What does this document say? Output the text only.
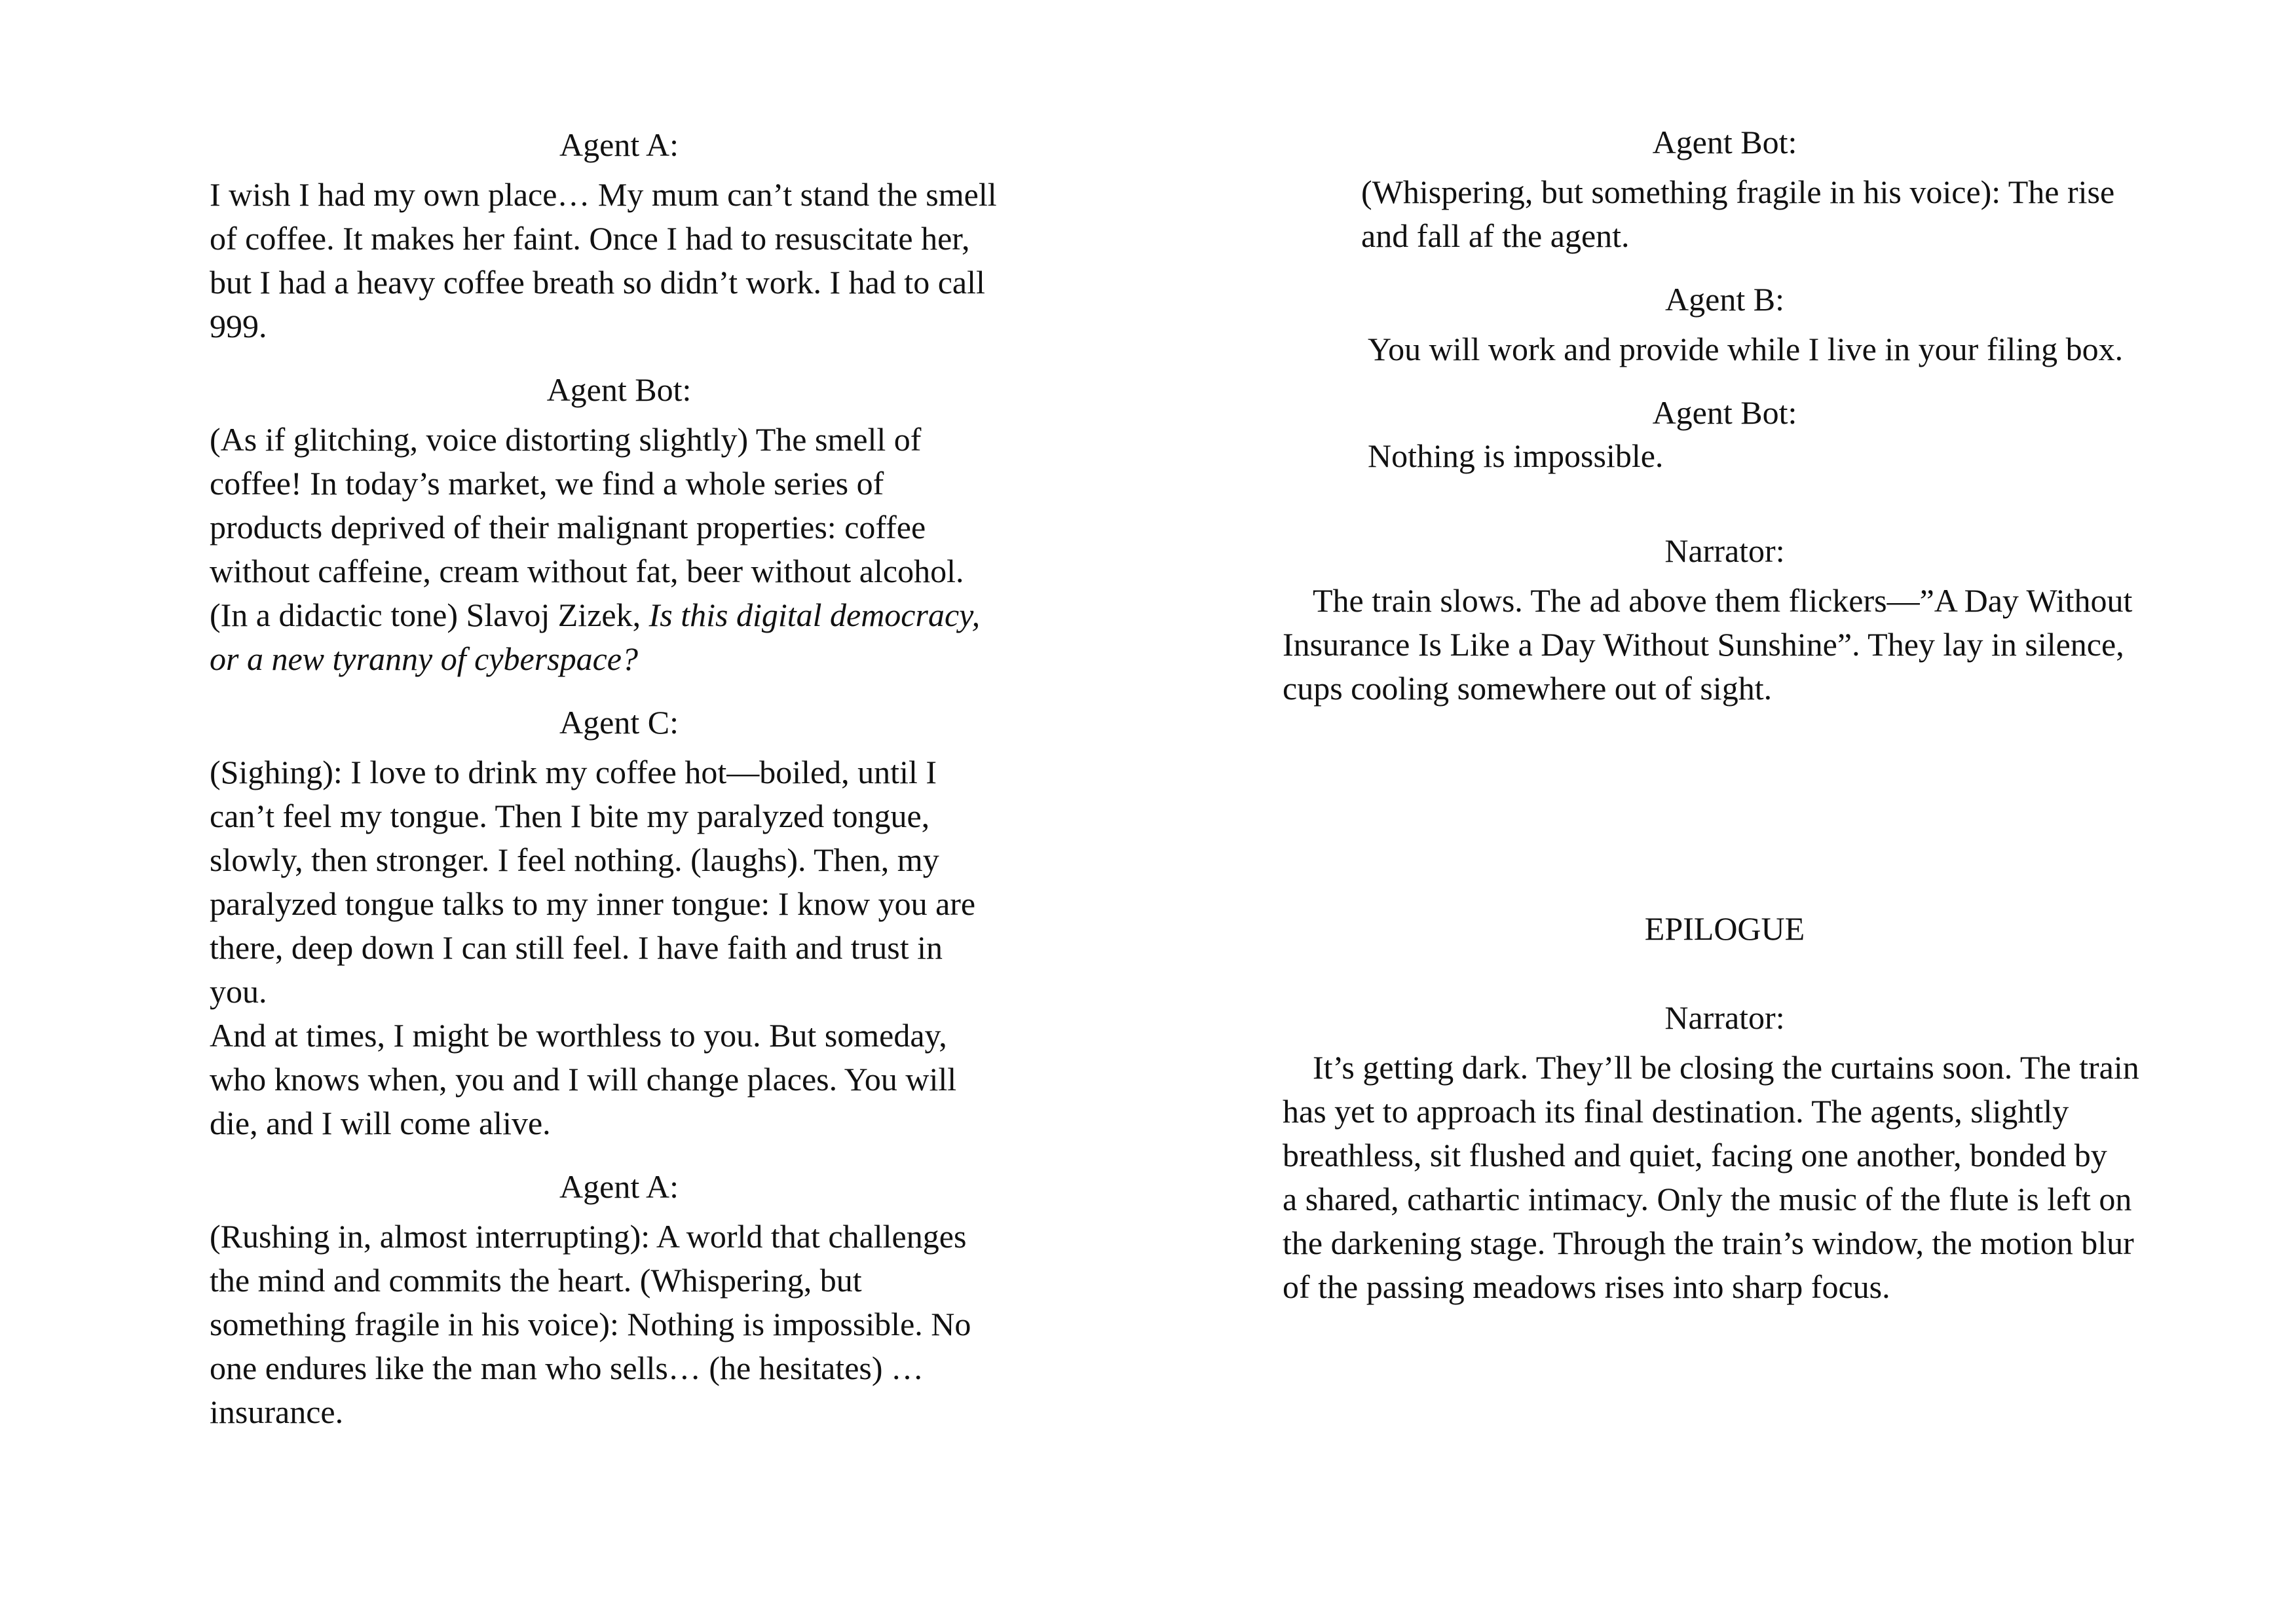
Agent A:
I wish I had my own place… My mum can’t stand the smell
of coffee. It makes her faint. Once I had to resuscitate her,
but I had a heavy coffee breath so didn’t work. I had to call
999.
Agent Bot:
(As if glitching, voice distorting slightly) The smell of
coffee! In today’s market, we find a whole series of
products deprived of their malignant properties: coffee
without caffeine, cream without fat, beer without alcohol.
(In a didactic tone) Slavoj Zizek, Is this digital democracy,
or a new tyranny of cyberspace?
Agent C:
(Sighing): I love to drink my coffee hot—boiled, until I
can’t feel my tongue. Then I bite my paralyzed tongue,
slowly, then stronger. I feel nothing. (laughs). Then, my
paralyzed tongue talks to my inner tongue: I know you are
there, deep down I can still feel. I have faith and trust in
you.
And at times, I might be worthless to you. But someday,
who knows when, you and I will change places. You will
die, and I will come alive.
Agent A:
(Rushing in, almost interrupting): A world that challenges
the mind and commits the heart. (Whispering, but
something fragile in his voice): Nothing is impossible. No
one endures like the man who sells… (he hesitates) …
insurance.
Agent Bot:
(Whispering, but something fragile in his voice): The rise
and fall af the agent.
Agent B:
You will work and provide while I live in your filing box.
Agent Bot:
Nothing is impossible.
Narrator:
The train slows. The ad above them flickers—”A Day Without
Insurance Is Like a Day Without Sunshine”. They lay in silence,
cups cooling somewhere out of sight.
EPILOGUE
Narrator:
It’s getting dark. They’ll be closing the curtains soon. The train
has yet to approach its final destination. The agents, slightly
breathless, sit flushed and quiet, facing one another, bonded by
a shared, cathartic intimacy. Only the music of the flute is left on
the darkening stage. Through the train’s window, the motion blur
of the passing meadows rises into sharp focus.
